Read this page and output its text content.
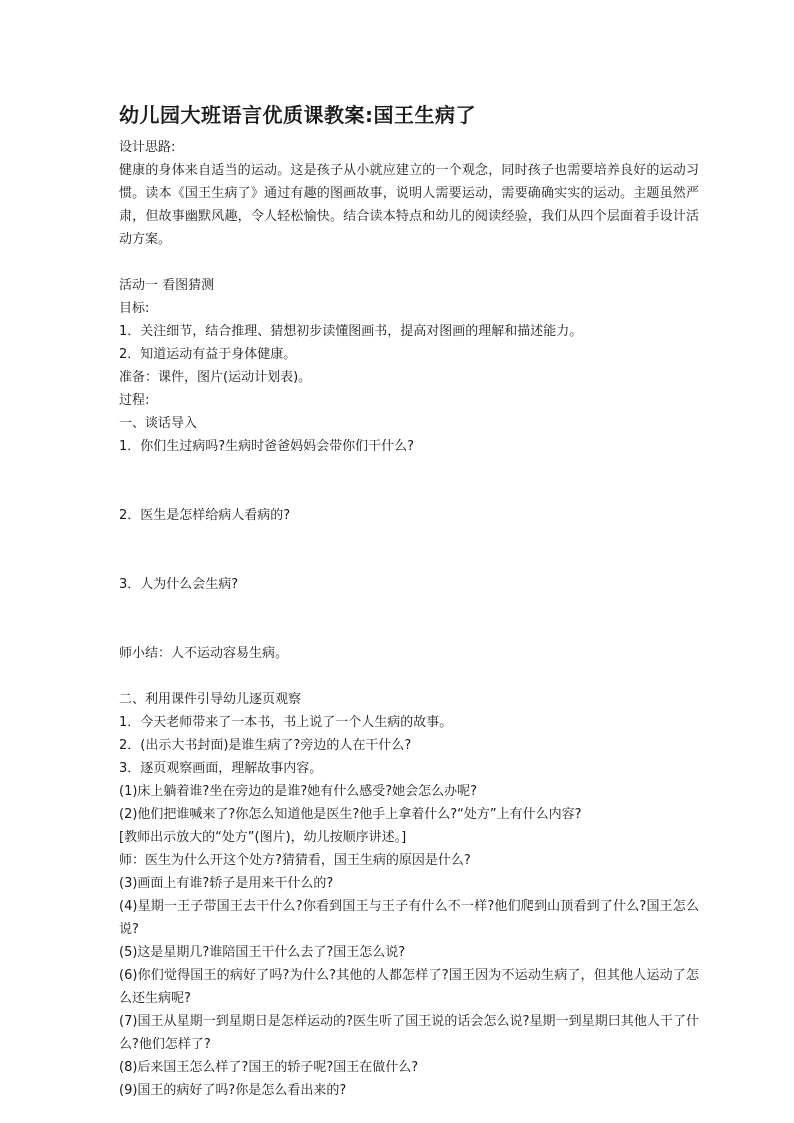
幼儿园大班语言优质课教案:国王生病了

设计思路:

健康的身体来自适当的运动。这是孩子从小就应建立的一个观念，同时孩子也需要培养良好的运动习惯。读本《国王生病了》通过有趣的图画故事，说明人需要运动，需要确确实实的运动。主题虽然严肃，但故事幽默风趣，令人轻松愉快。结合读本特点和幼儿的阅读经验，我们从四个层面着手设计活动方案。

活动一 看图猜测

目标:

1．关注细节，结合推理、猜想初步读懂图画书，提高对图画的理解和描述能力。

2．知道运动有益于身体健康。

准备：课件，图片(运动计划表)。

过程:

一、谈话导入

1．你们生过病吗?生病时爸爸妈妈会带你们干什么?

2．医生是怎样给病人看病的?

3．人为什么会生病?

师小结：人不运动容易生病。

二、利用课件引导幼儿逐页观察

1．今天老师带来了一本书，书上说了一个人生病的故事。

2．(出示大书封面)是谁生病了?旁边的人在干什么?

3．逐页观察画面，理解故事内容。

(1)床上躺着谁?坐在旁边的是谁?她有什么感受?她会怎么办呢?

(2)他们把谁喊来了?你怎么知道他是医生?他手上拿着什么?“处方”上有什么内容?

[教师出示放大的“处方”(图片)，幼儿按顺序讲述。]

师：医生为什么开这个处方?猜猜看，国王生病的原因是什么?

(3)画面上有谁?轿子是用来干什么的?

(4)星期一王子带国王去干什么?你看到国王与王子有什么不一样?他们爬到山顶看到了什么?国王怎么说?

(5)这是星期几?谁陪国王干什么去了?国王怎么说?

(6)你们觉得国王的病好了吗?为什么?其他的人都怎样了?国王因为不运动生病了，但其他人运动了怎么还生病呢?

(7)国王从星期一到星期日是怎样运动的?医生听了国王说的话会怎么说?星期一到星期曰其他人干了什么?他们怎样了?

(8)后来国王怎么样了?国王的轿子呢?国王在做什么?

(9)国王的病好了吗?你是怎么看出来的?
